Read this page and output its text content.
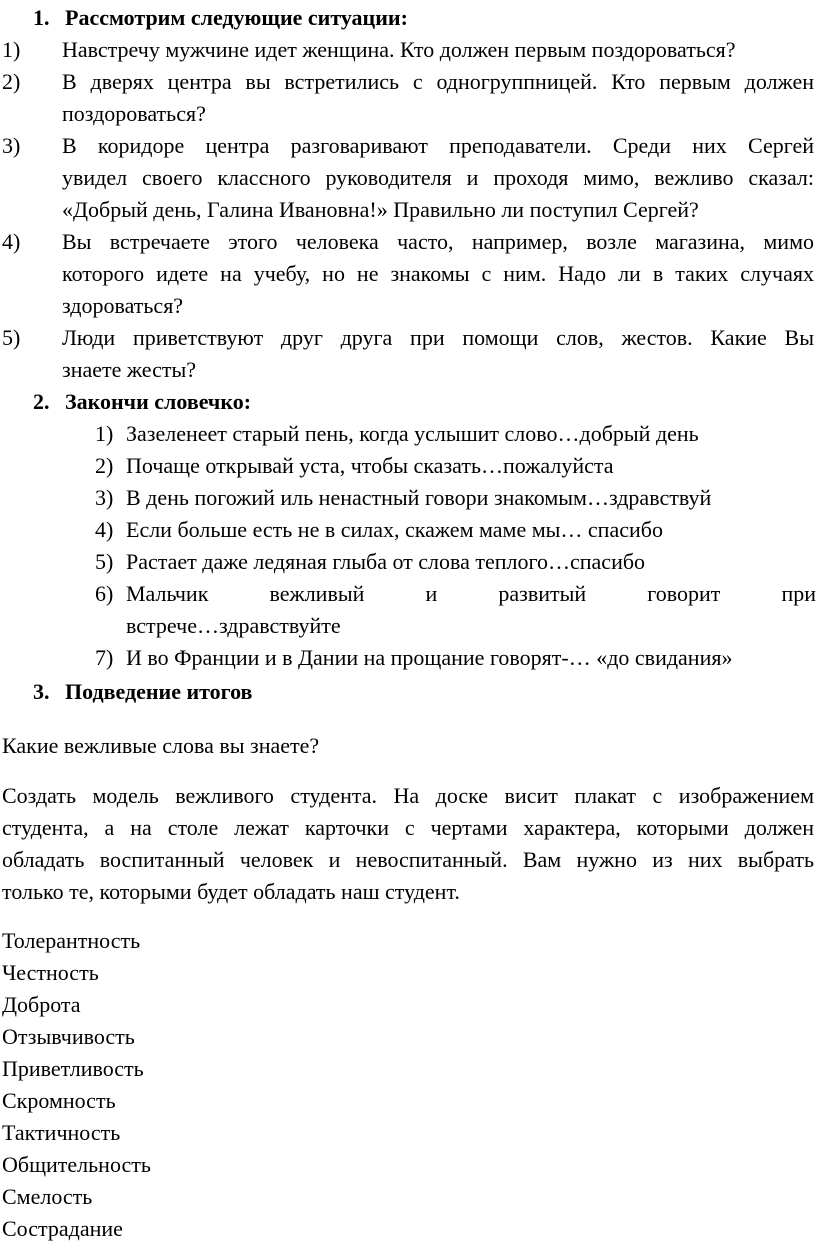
1. Рассмотрим следующие ситуации:
1) Навстречу мужчине идет женщина. Кто должен первым поздороваться?
2) В дверях центра вы встретились с одногруппницей. Кто первым должен
поздороваться?
3) В коридоре центра разговаривают преподаватели. Среди них Сергей
увидел своего классного руководителя и проходя мимо, вежливо сказал:
«Добрый день, Галина Ивановна!» Правильно ли поступил Сергей?
4) Вы встречаете этого человека часто, например, возле магазина, мимо
которого идете на учебу, но не знакомы с ним. Надо ли в таких случаях
здороваться?
5) Люди приветствуют друг друга при помощи слов, жестов. Какие Вы
знаете жесты?
2. Закончи словечко:
1) Зазеленеет старый пень, когда услышит слово…добрый день
2) Почаще открывай уста, чтобы сказать…пожалуйста
3) В день погожий иль ненастный говори знакомым…здравствуй
4) Если больше есть не в силах, скажем маме мы… спасибо
5) Растает даже ледяная глыба от слова теплого…спасибо
6) Мальчик вежливый и развитый говорит при
встрече…здравствуйте
7) И во Франции и в Дании на прощание говорят-… «до свидания»
3. Подведение итогов
Какие вежливые слова вы знаете?
Создать модель вежливого студента. На доске висит плакат с изображением
студента, а на столе лежат карточки с чертами характера, которыми должен
обладать воспитанный человек и невоспитанный. Вам нужно из них выбрать
только те, которыми будет обладать наш студент.
Толерантность
Честность
Доброта
Отзывчивость
Приветливость
Скромность
Тактичность
Общительность
Смелость
Сострадание
